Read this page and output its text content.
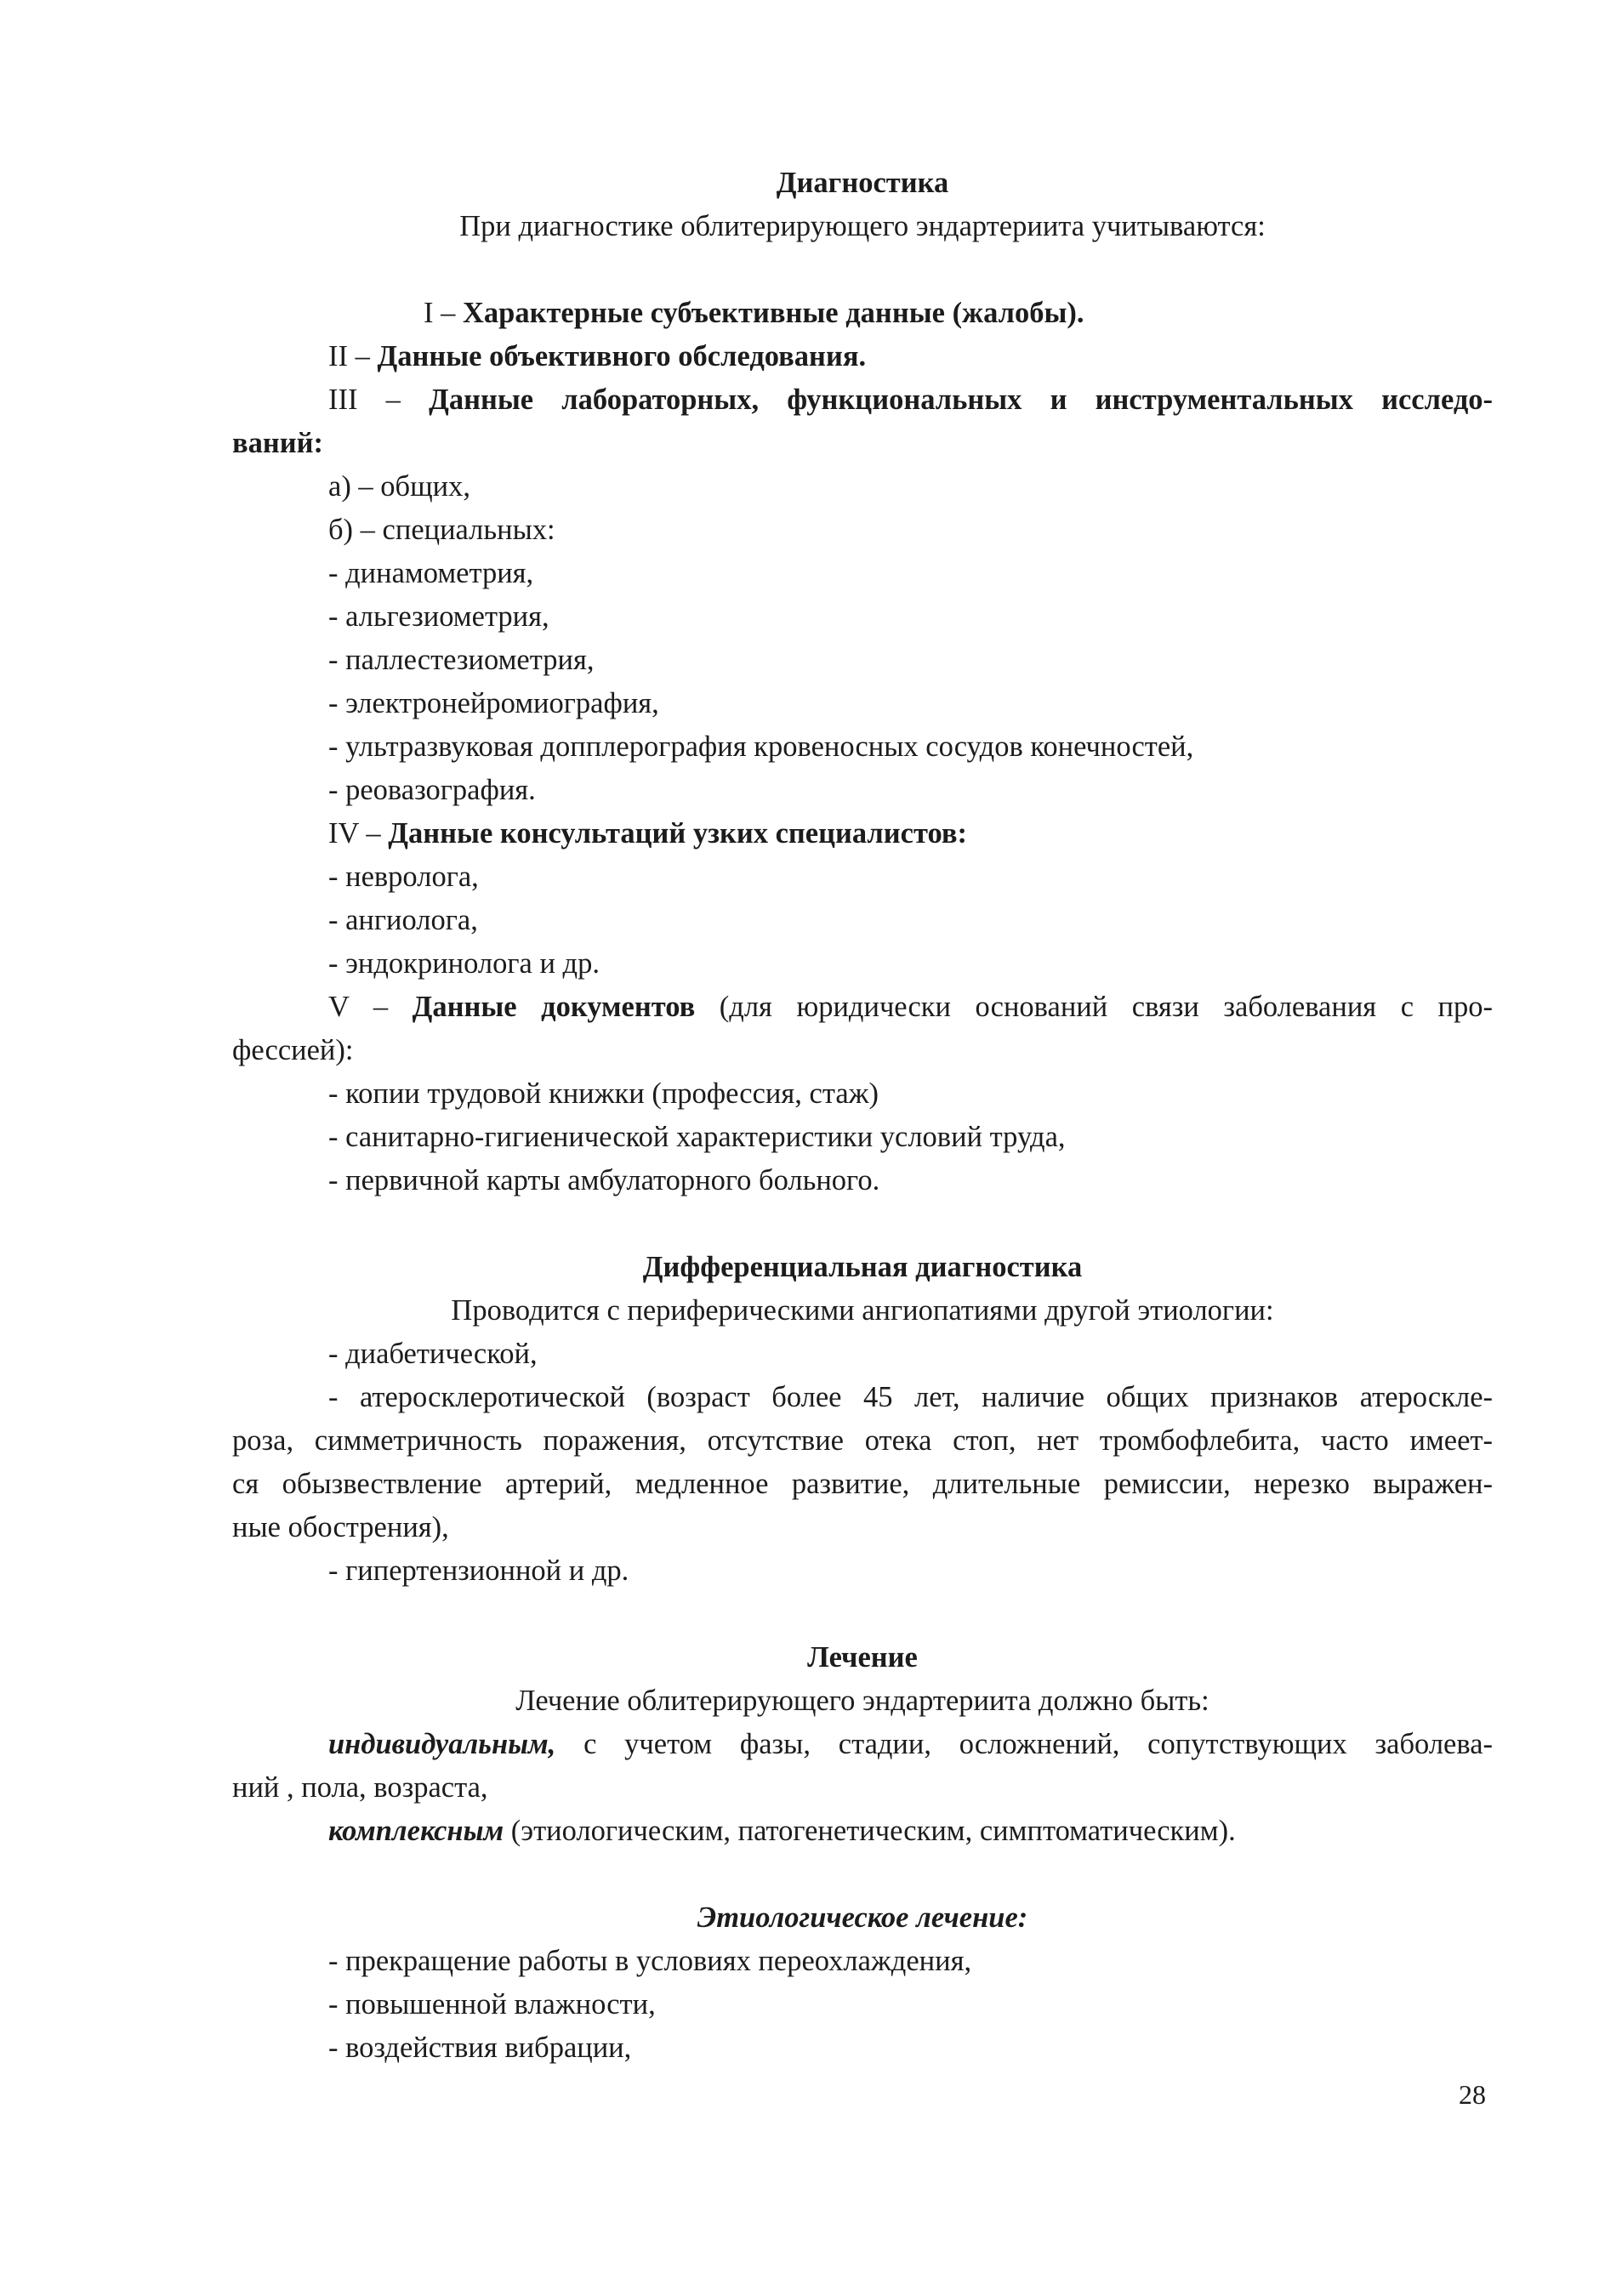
Диагностика
При диагностике облитерирующего эндартериита учитываются:
I – Характерные субъективные данные (жалобы).
II – Данные объективного обследования.
III – Данные лабораторных, функциональных и инструментальных исследо-
ваний:
а) – общих,
б) – специальных:
- динамометрия,
- альгезиометрия,
- паллестезиометрия,
- электронейромиография,
- ультразвуковая допплерография кровеносных сосудов конечностей,
- реовазография.
IV – Данные консультаций узких специалистов:
- невролога,
- ангиолога,
- эндокринолога и др.
V – Данные документов (для юридически оснований связи заболевания с про-
фессией):
- копии трудовой книжки (профессия, стаж)
- санитарно-гигиенической характеристики условий труда,
- первичной карты амбулаторного больного.
Дифференциальная диагностика
Проводится с периферическими ангиопатиями другой этиологии:
- диабетической,
- атеросклеротической (возраст более 45 лет, наличие общих признаков атероскле-
роза, симметричность поражения, отсутствие отека стоп, нет тромбофлебита, часто имеет-
ся обызвествление артерий, медленное развитие, длительные ремиссии, нерезко выражен-
ные обострения),
- гипертензионной и др.
Лечение
Лечение облитерирующего эндартериита должно быть:
индивидуальным, с учетом фазы, стадии, осложнений, сопутствующих заболева-
ний , пола, возраста,
комплексным (этиологическим, патогенетическим, симптоматическим).
Этиологическое лечение:
- прекращение работы в условиях переохлаждения,
- повышенной влажности,
- воздействия вибрации,
28
